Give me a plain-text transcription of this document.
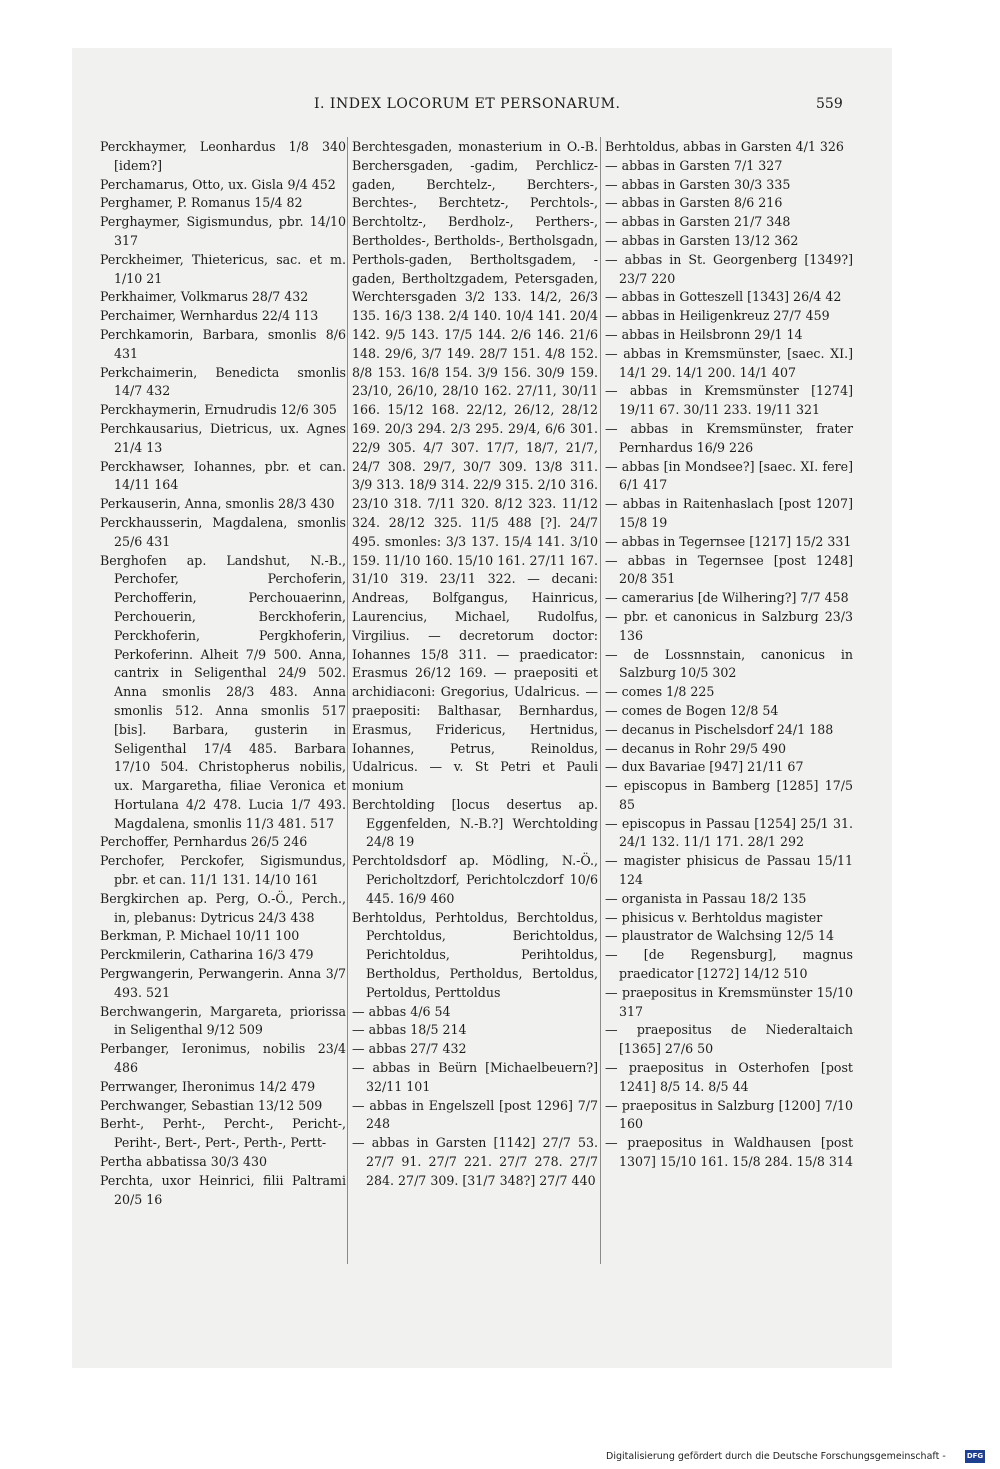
I. INDEX LOCORUM ET PERSONARUM.	559

Perckhaymer, Leonhardus 1/8 340 [idem?]

Perchamarus, Otto, ux. Gisla 9/4 452

Perghamer, P. Romanus 15/4 82

Perghaymer, Sigismundus, pbr. 14/10 317

Perckheimer, Thietericus, sac. et m. 1/10 21

Perkhaimer, Volkmarus 28/7 432

Perchaimer, Wernhardus 22/4 113

Perchkamorin, Barbara, smonlis 8/6 431

Perkchaimerin, Benedicta smonlis 14/7 432

Perckhaymerin, Ernudrudis 12/6 305

Perchkausarius, Dietricus, ux. Agnes 21/4 13

Perckhawser, Iohannes, pbr. et can. 14/11 164

Perkauserin, Anna, smonlis 28/3 430

Perckhausserin, Magdalena, smonlis 25/6 431

Berghofen ap. Landshut, N.-B., Perchofer, Perchoferin, Perchofferin, Perchouaerinn, Perchouerin, Berckhoferin, Perckhoferin, Pergkhoferin, Perkoferinn. Alheit 7/9 500. Anna, cantrix in Seligenthal 24/9 502. Anna smonlis 28/3 483. Anna smonlis 512. Anna smonlis 517 [bis]. Barbara, gusterin in Seligenthal 17/4 485. Barbara 17/10 504. Christopherus nobilis, ux. Margaretha, filiae Veronica et Hortulana 4/2 478. Lucia 1/7 493. Magdalena, smonlis 11/3 481. 517

Perchoffer, Pernhardus 26/5 246

Perchofer, Perckofer, Sigismundus, pbr. et can. 11/1 131. 14/10 161

Bergkirchen ap. Perg, O.-Ö., Perch., in, plebanus: Dytricus 24/3 438

Berkman, P. Michael 10/11 100

Perckmilerin, Catharina 16/3 479

Pergwangerin, Perwangerin. Anna 3/7 493. 521

Berchwangerin, Margareta, priorissa in Seligenthal 9/12 509

Perbanger, Ieronimus, nobilis 23/4 486

Perrwanger, Iheronimus 14/2 479

Perchwanger, Sebastian 13/12 509

Berht-, Perht-, Percht-, Pericht-, Periht-, Bert-, Pert-, Perth-, Pertt-

Pertha abbatissa 30/3 430

Perchta, uxor Heinrici, filii Paltrami 20/5 16

Berchtesgaden, monasterium in O.-B. Berchersgaden, -gadim, Perchlicz-gaden, Berchtelz-, Berchters-, Berchtes-, Berchtetz-, Perchtols-, Berchtoltz-, Berdholz-, Perthers-, Bertholdes-, Bertholds-, Bertholsgadn, Perthols-gaden, Bertholtsgadem, -gaden, Bertholtzgadem, Petersgaden, Werchtersgaden 3/2 133. 14/2, 26/3 135. 16/3 138. 2/4 140. 10/4 141. 20/4 142. 9/5 143. 17/5 144. 2/6 146. 21/6 148. 29/6, 3/7 149. 28/7 151. 4/8 152. 8/8 153. 16/8 154. 3/9 156. 30/9 159. 23/10, 26/10, 28/10 162. 27/11, 30/11 166. 15/12 168. 22/12, 26/12, 28/12 169. 20/3 294. 2/3 295. 29/4, 6/6 301. 22/9 305. 4/7 307. 17/7, 18/7, 21/7, 24/7 308. 29/7, 30/7 309. 13/8 311. 3/9 313. 18/9 314. 22/9 315. 2/10 316. 23/10 318. 7/11 320. 8/12 323. 11/12 324. 28/12 325. 11/5 488 [?]. 24/7 495. smonles: 3/3 137. 15/4 141. 3/10 159. 11/10 160. 15/10 161. 27/11 167. 31/10 319. 23/11 322. — decani: Andreas, Bolfgangus, Hainricus, Laurencius, Michael, Rudolfus, Virgilius. — decretorum doctor: Iohannes 15/8 311. — praedicator: Erasmus 26/12 169. — praepositi et archidiaconi: Gregorius, Udalricus. — praepositi: Balthasar, Bernhardus, Erasmus, Fridericus, Hertnidus, Iohannes, Petrus, Reinoldus, Udalricus. — v. St Petri et Pauli monium

Berchtolding [locus desertus ap. Eggenfelden, N.-B.?] Werchtolding 24/8 19

Perchtoldsdorf ap. Mödling, N.-Ö., Pericholtzdorf, Perichtolczdorf 10/6 445. 16/9 460

Berhtoldus, Perhtoldus, Berchtoldus, Perchtoldus, Berichtoldus, Perichtoldus, Perihtoldus, Bertholdus, Pertholdus, Bertoldus, Pertoldus, Perttoldus

— abbas 4/6 54

— abbas 18/5 214

— abbas 27/7 432

— abbas in Beürn [Michaelbeuern?] 32/11 101

— abbas in Engelszell [post 1296] 7/7 248

— abbas in Garsten [1142] 27/7 53. 27/7 91. 27/7 221. 27/7 278. 27/7 284. 27/7 309. [31/7 348?] 27/7 440

Berhtoldus, abbas in Garsten 4/1 326

— abbas in Garsten 7/1 327

— abbas in Garsten 30/3 335

— abbas in Garsten 8/6 216

— abbas in Garsten 21/7 348

— abbas in Garsten 13/12 362

— abbas in St. Georgenberg [1349?] 23/7 220

— abbas in Gotteszell [1343] 26/4 42

— abbas in Heiligenkreuz 27/7 459

— abbas in Heilsbronn 29/1 14

— abbas in Kremsmünster, [saec. XI.] 14/1 29. 14/1 200. 14/1 407

— abbas in Kremsmünster [1274] 19/11 67. 30/11 233. 19/11 321

— abbas in Kremsmünster, frater Pernhardus 16/9 226

— abbas [in Mondsee?] [saec. XI. fere] 6/1 417

— abbas in Raitenhaslach [post 1207] 15/8 19

— abbas in Tegernsee [1217] 15/2 331

— abbas in Tegernsee [post 1248] 20/8 351

— camerarius [de Wilhering?] 7/7 458

— pbr. et canonicus in Salzburg 23/3 136

— de Lossnnstain, canonicus in Salzburg 10/5 302

— comes 1/8 225

— comes de Bogen 12/8 54

— decanus in Pischelsdorf 24/1 188

— decanus in Rohr 29/5 490

— dux Bavariae [947] 21/11 67

— episcopus in Bamberg [1285] 17/5 85

— episcopus in Passau [1254] 25/1 31. 24/1 132. 11/1 171. 28/1 292

— magister phisicus de Passau 15/11 124

— organista in Passau 18/2 135

— phisicus v. Berhtoldus magister

— plaustrator de Walchsing 12/5 14

— [de Regensburg], magnus praedicator [1272] 14/12 510

— praepositus in Kremsmünster 15/10 317

— praepositus de Niederaltaich [1365] 27/6 50

— praepositus in Osterhofen [post 1241] 8/5 14. 8/5 44

— praepositus in Salzburg [1200] 7/10 160

— praepositus in Waldhausen [post 1307] 15/10 161. 15/8 284. 15/8 314

Digitalisierung gefördert durch die Deutsche Forschungsgemeinschaft -	DFG
